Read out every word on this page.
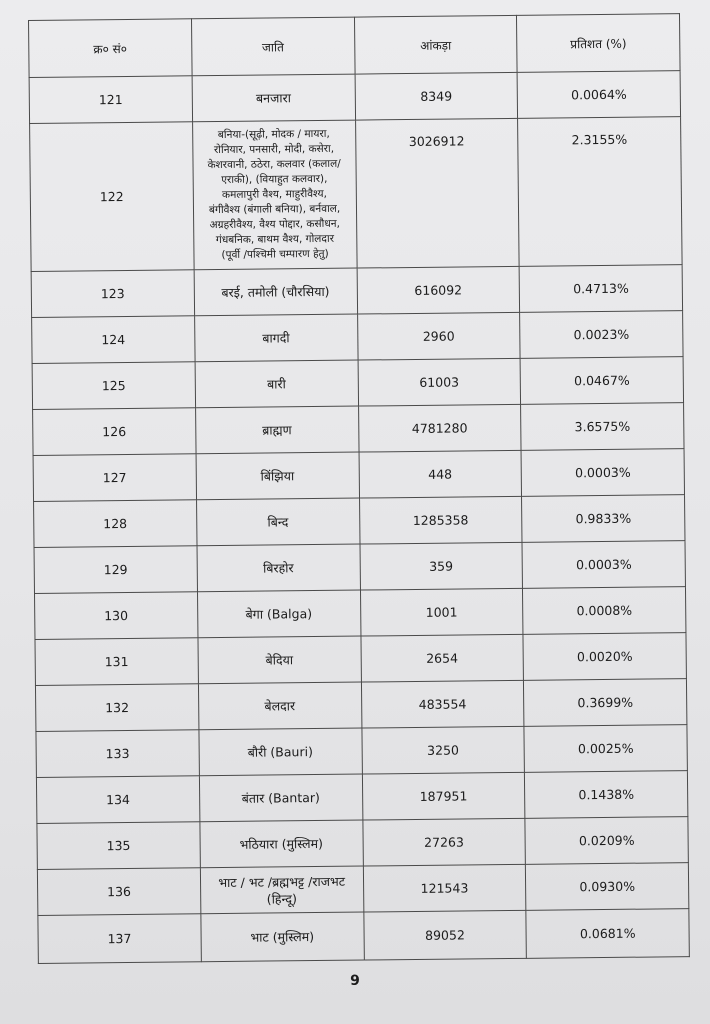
क्र० सं०	जाति	आंकड़ा	प्रतिशत (%)
121	बनजारा	8349	0.0064%
122	बनिया-(सूढ़ी, मोदक / मायरा, रोनियार, पनसारी, मोदी, कसेरा, केशरवानी, ठठेरा, कलवार (कलाल/एराकी), (वियाहुत कलवार), कमलापुरी वैश्य, माहुरीवैश्य, बंगीवैश्य (बंगाली बनिया), बर्नवाल, अग्रहरीवैश्य, वैश्य पोद्दार, कसौधन, गंधबनिक, बाथम वैश्य, गोलदार (पूर्वी /पश्चिमी चम्पारण हेतु)	3026912	2.3155%
123	बरई, तमोली (चौरसिया)	616092	0.4713%
124	बागदी	2960	0.0023%
125	बारी	61003	0.0467%
126	ब्राह्मण	4781280	3.6575%
127	बिंझिया	448	0.0003%
128	बिन्द	1285358	0.9833%
129	बिरहोर	359	0.0003%
130	बेगा (Balga)	1001	0.0008%
131	बेदिया	2654	0.0020%
132	बेलदार	483554	0.3699%
133	बौरी (Bauri)	3250	0.0025%
134	बंतार (Bantar)	187951	0.1438%
135	भठियारा (मुस्लिम)	27263	0.0209%
136	भाट / भट /ब्रह्मभट्ट /राजभट (हिन्दू)	121543	0.0930%
137	भाट (मुस्लिम)	89052	0.0681%
9
